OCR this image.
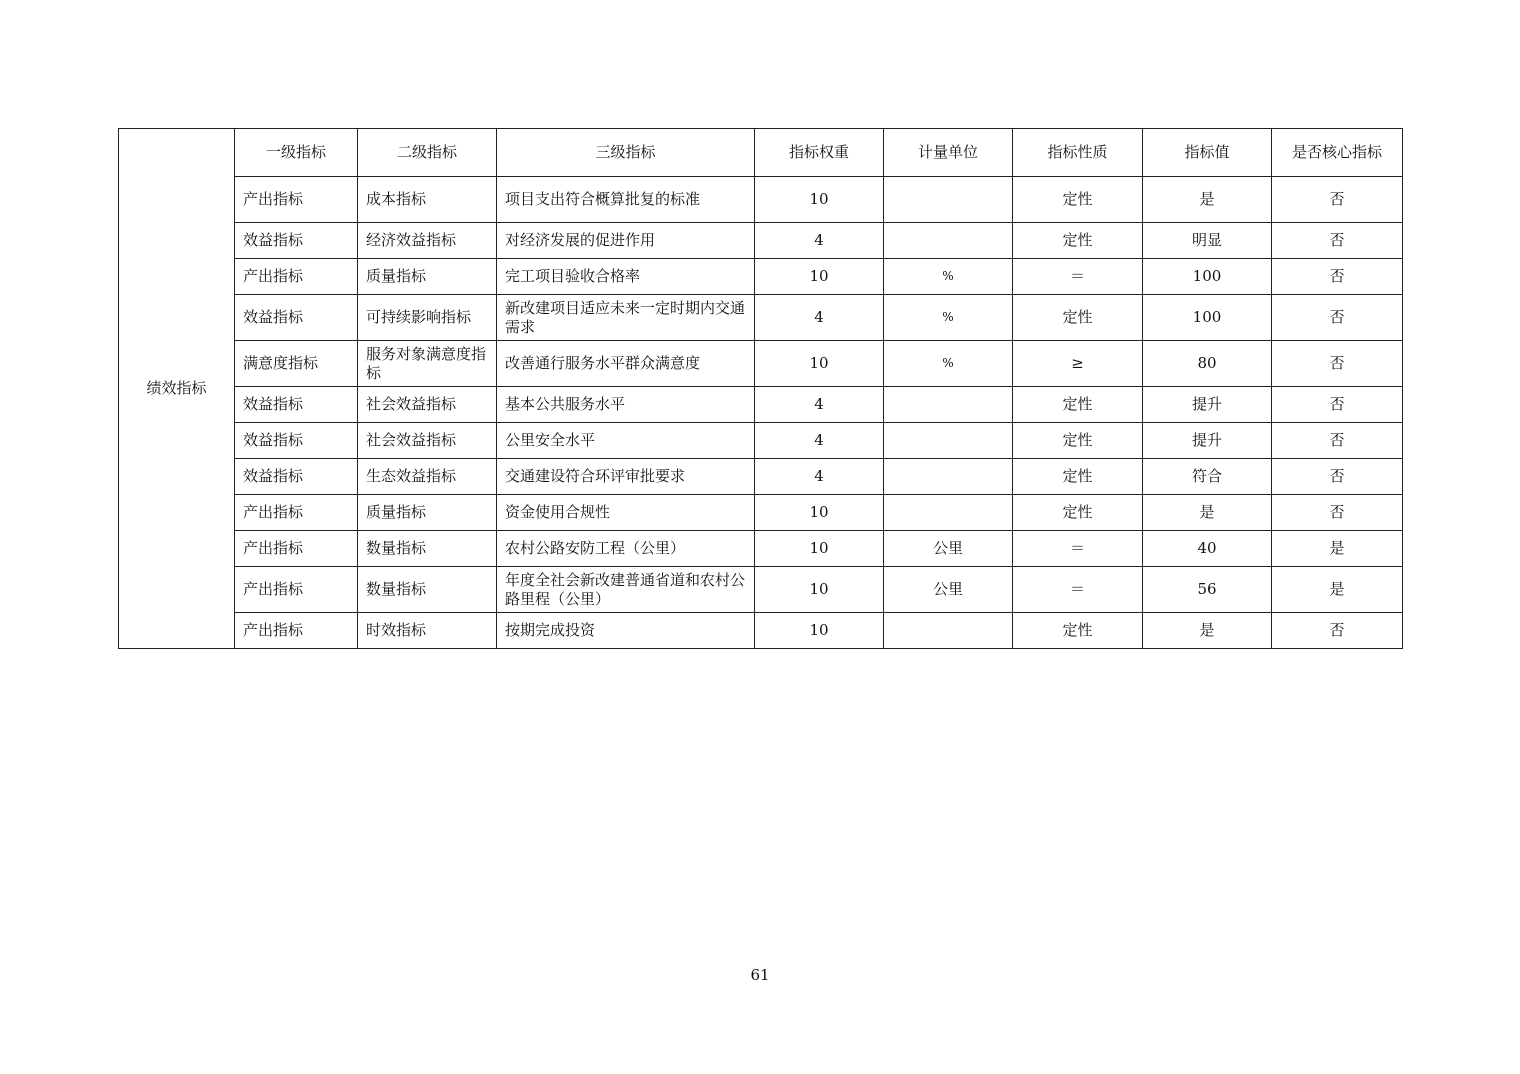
绩效指标	一级指标	二级指标	三级指标	指标权重	计量单位	指标性质	指标值	是否核心指标
	产出指标	成本指标	项目支出符合概算批复的标准	10		定性	是	否
	效益指标	经济效益指标	对经济发展的促进作用	4		定性	明显	否
	产出指标	质量指标	完工项目验收合格率	10	%	＝	100	否
	效益指标	可持续影响指标	新改建项目适应未来一定时期内交通需求	4	%	定性	100	否
	满意度指标	服务对象满意度指标	改善通行服务水平群众满意度	10	%	≥	80	否
	效益指标	社会效益指标	基本公共服务水平	4		定性	提升	否
	效益指标	社会效益指标	公里安全水平	4		定性	提升	否
	效益指标	生态效益指标	交通建设符合环评审批要求	4		定性	符合	否
	产出指标	质量指标	资金使用合规性	10		定性	是	否
	产出指标	数量指标	农村公路安防工程（公里）	10	公里	＝	40	是
	产出指标	数量指标	年度全社会新改建普通省道和农村公路里程（公里）	10	公里	＝	56	是
	产出指标	时效指标	按期完成投资	10		定性	是	否
61
